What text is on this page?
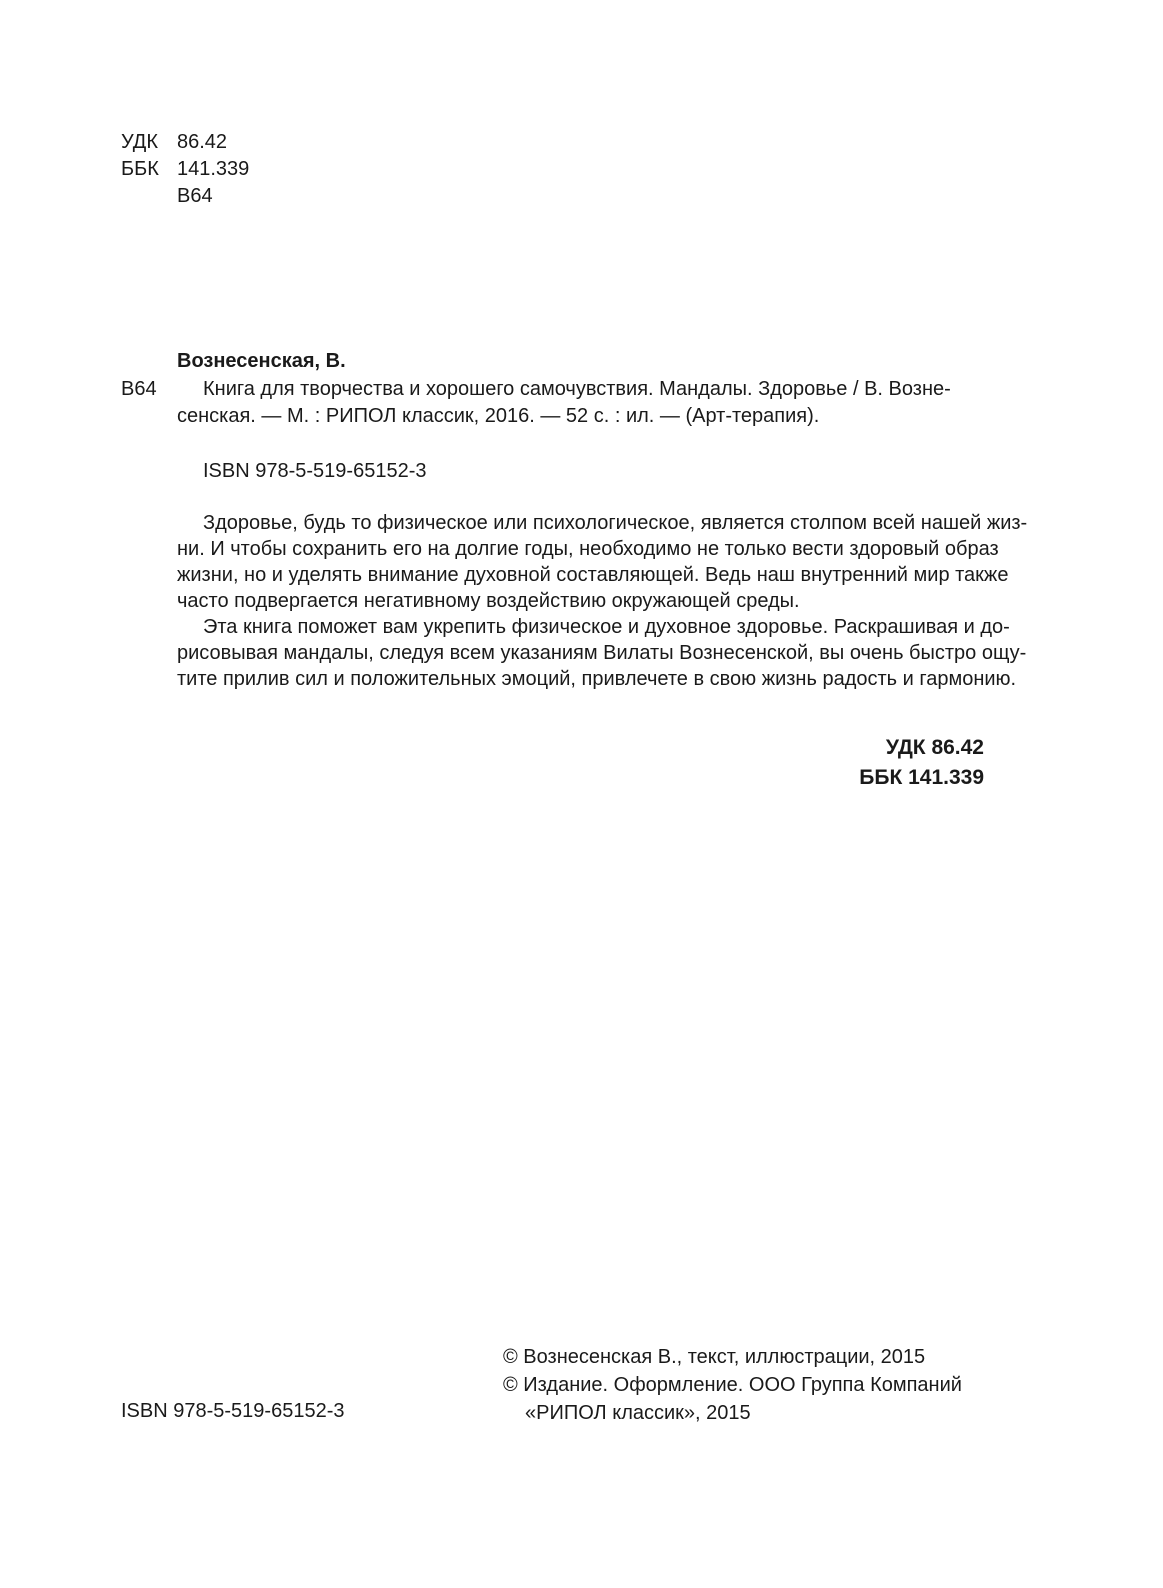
УДК 86.42
ББК 141.339
В64
Вознесенская, В.
В64	Книга для творчества и хорошего самочувствия. Мандалы. Здоровье / В. Возне-
сенская. — М. : РИПОЛ классик, 2016. — 52 с. : ил. — (Арт-терапия).
ISBN 978-5-519-65152-3
Здоровье, будь то физическое или психологическое, является столпом всей нашей жиз-
ни. И чтобы сохранить его на долгие годы, необходимо не только вести здоровый образ
жизни, но и уделять внимание духовной составляющей. Ведь наш внутренний мир также
часто подвергается негативному воздействию окружающей среды.
Эта книга поможет вам укрепить физическое и духовное здоровье. Раскрашивая и до-
рисовывая мандалы, следуя всем указаниям Вилаты Вознесенской, вы очень быстро ощу-
тите прилив сил и положительных эмоций, привлечете в свою жизнь радость и гармонию.
УДК 86.42
ББК 141.339
ISBN 978-5-519-65152-3
© Вознесенская В., текст, иллюстрации, 2015
© Издание. Оформление. ООО Группа Компаний
«РИПОЛ классик», 2015
